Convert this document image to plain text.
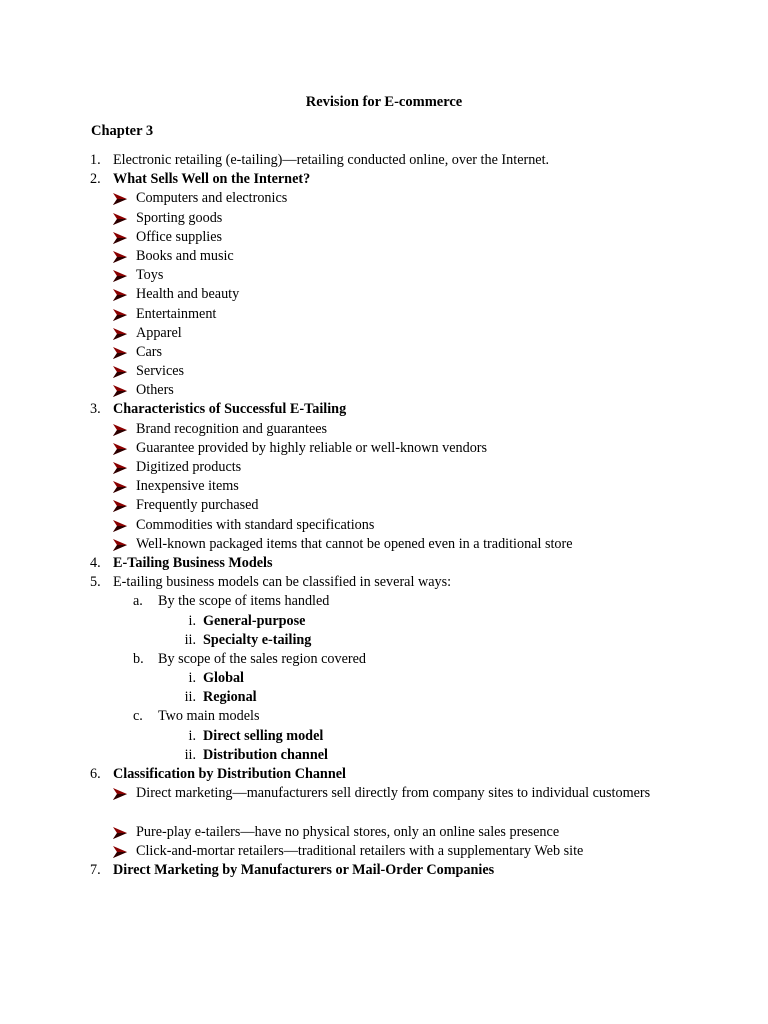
Revision for E-commerce
Chapter 3
1. Electronic retailing (e-tailing)—retailing conducted online, over the Internet.
2. What Sells Well on the Internet?
Computers and electronics
Sporting goods
Office supplies
Books and music
Toys
Health and beauty
Entertainment
Apparel
Cars
Services
Others
3. Characteristics of Successful E-Tailing
Brand recognition and guarantees
Guarantee provided by highly reliable or well-known vendors
Digitized products
Inexpensive items
Frequently purchased
Commodities with standard specifications
Well-known packaged items that cannot be opened even in a traditional store
4. E-Tailing Business Models
5. E-tailing business models can be classified in several ways:
a.	By the scope of items handled
i. General-purpose
ii. Specialty e-tailing
b.	By scope of the sales region covered
i. Global
ii. Regional
c.	Two main models
i. Direct selling model
ii. Distribution channel
6. Classification by Distribution Channel
Direct marketing—manufacturers sell directly from company sites to individual customers
Pure-play e-tailers—have no physical stores, only an online sales presence
Click-and-mortar retailers—traditional retailers with a supplementary Web site
7. Direct Marketing by Manufacturers or Mail-Order Companies
